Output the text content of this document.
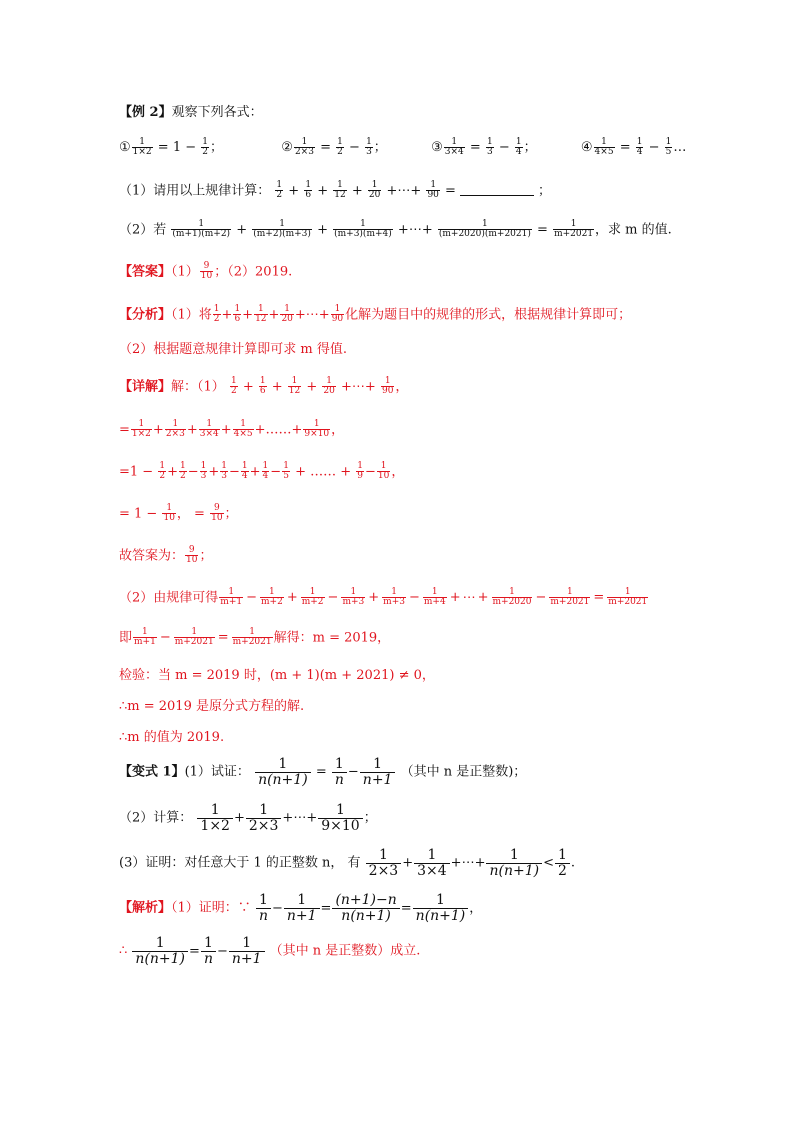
【例 2】观察下列各式：
① $\frac{1}{1\times 2} = 1 - \frac{1}{2}$ ；	② $\frac{1}{2\times 3} = \frac{1}{2} - \frac{1}{3}$ ；	③ $\frac{1}{3\times 4} = \frac{1}{3} - \frac{1}{4}$ ；	④ $\frac{1}{4\times 5} = \frac{1}{4} - \frac{1}{5}$ …
（1）请用以上规律计算： $\frac{1}{2} + \frac{1}{6} + \frac{1}{12} + \frac{1}{20}$ +⋯+ $\frac{1}{90}$ =	；
（2）若 $\frac{1}{(m+1)(m+2)} + \frac{1}{(m+2)(m+3)} + \frac{1}{(m+3)(m+4)}$ +⋯+ $\frac{1}{(m+2020)(m+2021)} = \frac{1}{m+2021}$ ，求 m 的值.
【答案】$(1) \frac{9}{10}$ ；（2）2019.
【分析】（1）将 $\frac{1}{2} + \frac{1}{6} + \frac{1}{12} + \frac{1}{20}$ +⋯+ $\frac{1}{90}$ 化解为题目中的规律的形式，根据规律计算即可；
（2）根据题意规律计算即可求 m 得值.
【详解】解：$(1) \frac{1}{2} + \frac{1}{6} + \frac{1}{12} + \frac{1}{20}$ +⋯+ $\frac{1}{90}$ ，
= $\frac{1}{1\times 2} + \frac{1}{2\times 3} + \frac{1}{3\times 4} + \frac{1}{4\times 5}$ +……+ $\frac{1}{9\times 10}$ ，
$=1 - \frac{1}{2} + \frac{1}{2} - \frac{1}{3} + \frac{1}{3} - \frac{1}{4} + \frac{1}{4} - \frac{1}{5}$ + …… + $\frac{1}{9} - \frac{1}{10}$ ，
= $1 - \frac{1}{10}$ ， = $\frac{9}{10}$ ；
故答案为： $\frac{9}{10}$ ；
（2）由规律可得 $\frac{1}{m+1} - \frac{1}{m+2} + \frac{1}{m+2} - \frac{1}{m+3} + \frac{1}{m+3} - \frac{1}{m+4}$ + ⋯ + $\frac{1}{m+2020} - \frac{1}{m+2021} = \frac{1}{m+2021}$
即 $\frac{1}{m+1} - \frac{1}{m+2021} = \frac{1}{m+2021}$ 解得：m = 2019，
检验：当 m = 2019 时，(m + 1)(m + 2021) ≠ 0，
∴m = 2019 是原分式方程的解.
∴m 的值为 2019.
【变式 1】(1）试证： $\frac{1}{n(n+1)} = \frac{1}{n} - \frac{1}{n+1}$ （其中 n 是正整数)；
（2）计算： $\frac{1}{1\times 2} + \frac{1}{2\times 3}$ +⋯+ $\frac{1}{9\times 10}$ ；
(3）证明：对任意大于 1 的正整数 n， 有 $\frac{1}{2\times 3} + \frac{1}{3\times 4}$ +⋯+ $\frac{1}{n(n+1)} < \frac{1}{2}$ .
【解析】（1）证明：∵ $\frac{1}{n} - \frac{1}{n+1} = \frac{(n+1)-n}{n(n+1)} = \frac{1}{n(n+1)}$ ，
∴ $\frac{1}{n(n+1)} = \frac{1}{n} - \frac{1}{n+1}$ （其中 n 是正整数）成立.
